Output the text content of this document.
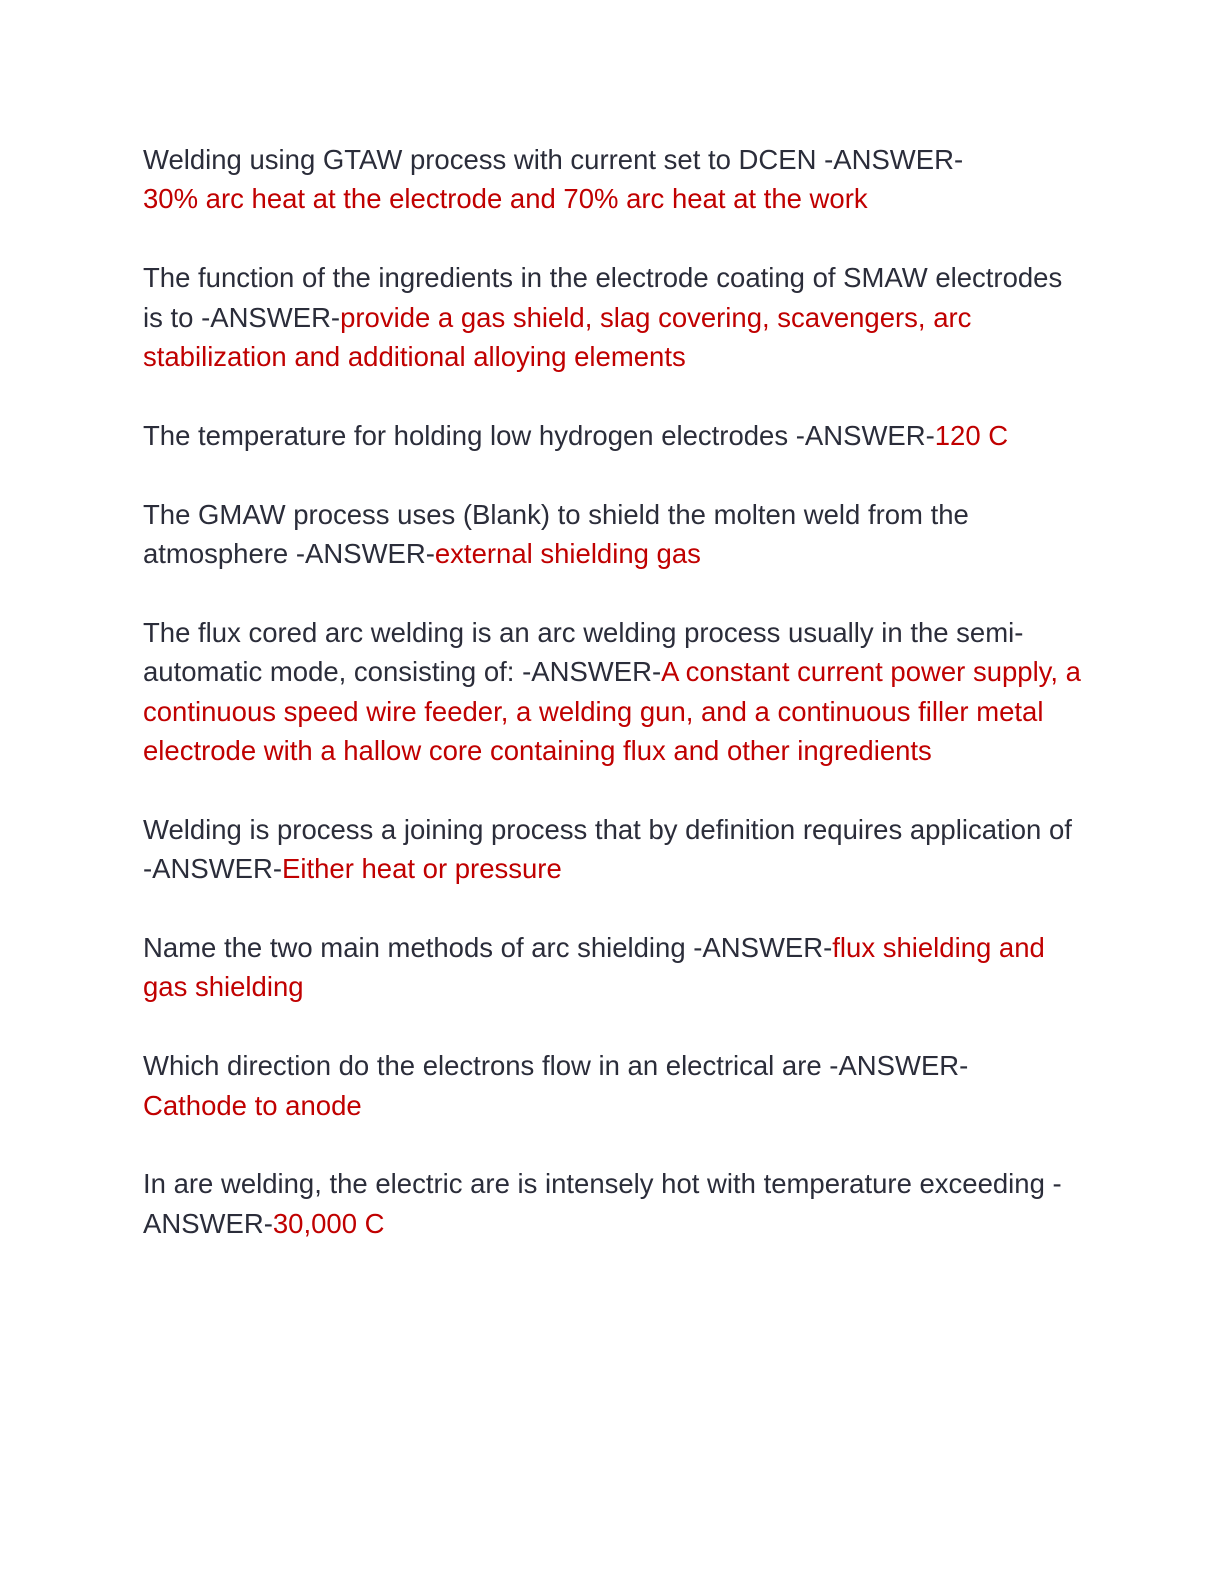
Welding using GTAW process with current set to DCEN -ANSWER-
30% arc heat at the electrode and 70% arc heat at the work

The function of the ingredients in the electrode coating of SMAW electrodes is to -ANSWER-provide a gas shield, slag covering, scavengers, arc stabilization and additional alloying elements

The temperature for holding low hydrogen electrodes -ANSWER-120 C

The GMAW process uses (Blank) to shield the molten weld from the atmosphere -ANSWER-external shielding gas

The flux cored arc welding is an arc welding process usually in the semi-automatic mode, consisting of: -ANSWER-A constant current power supply, a continuous speed wire feeder, a welding gun, and a continuous filler metal electrode with a hallow core containing flux and other ingredients

Welding is process a joining process that by definition requires application of -ANSWER-Either heat or pressure

Name the two main methods of arc shielding -ANSWER-flux shielding and gas shielding

Which direction do the electrons flow in an electrical are -ANSWER-
Cathode to anode

In are welding, the electric are is intensely hot with temperature exceeding -ANSWER-30,000 C
